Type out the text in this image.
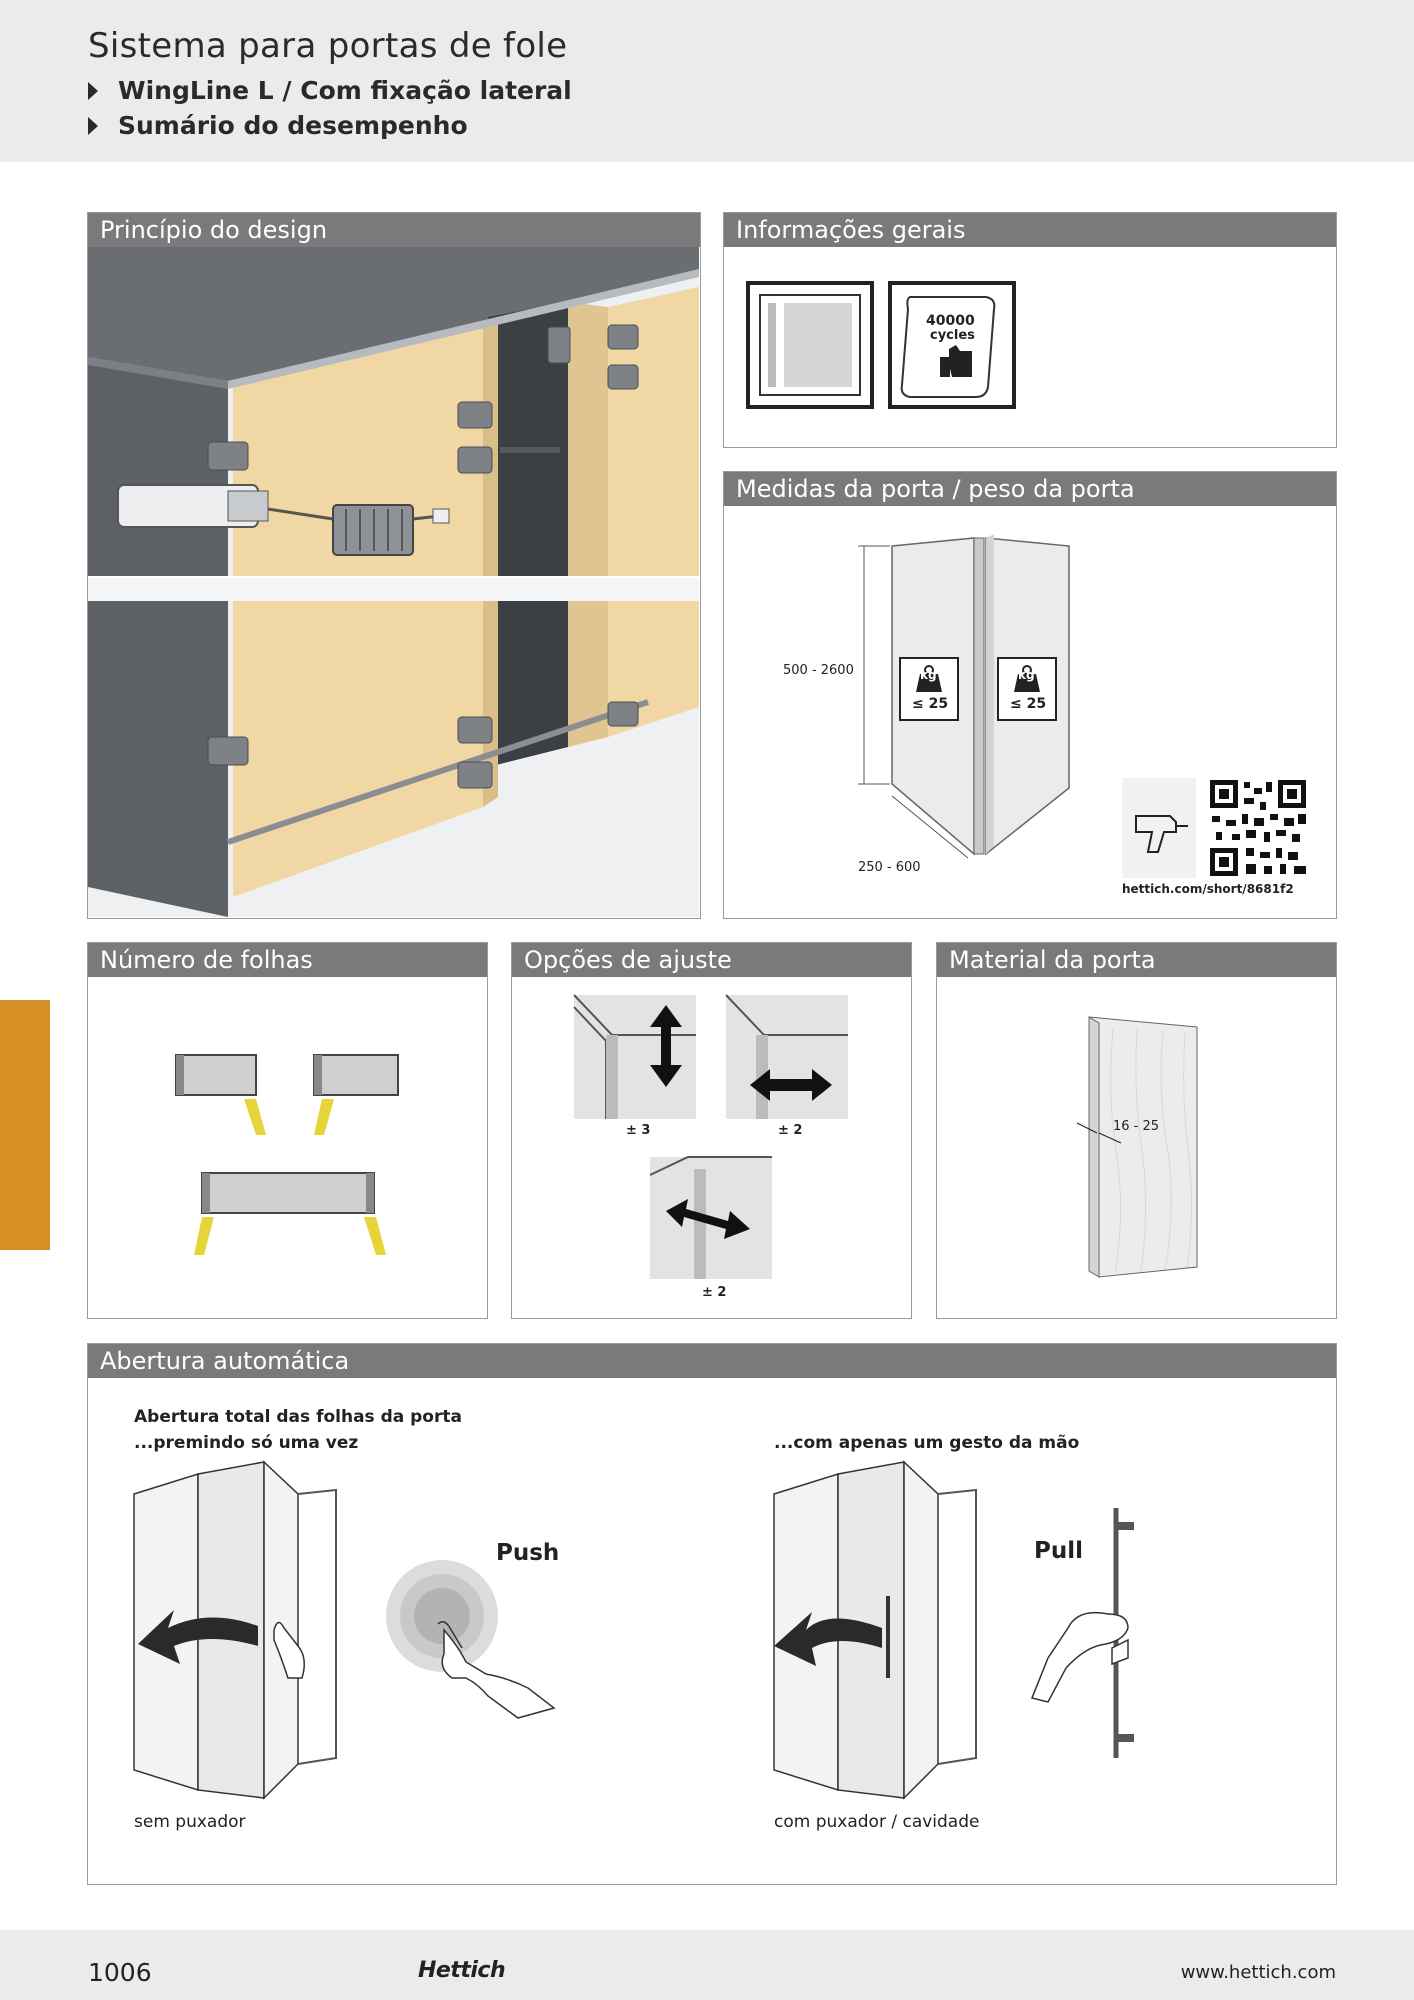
Sistema para portas de fole
WingLine L / Com fixação lateral
Sumário do desempenho
Princípio do design	Informações gerais
40000
cycles
Medidas da porta / peso da porta
500 - 2600
250 - 600
kg	kg
≤ 25	≤ 25
hettich.com/short/8681f2
Número de folhas	Opções de ajuste
± 3	± 2
± 2
Material da porta
16 - 25
Abertura automática
Abertura total das folhas da porta
...premindo só uma vez	...com apenas um gesto da mão
Push	Pull
sem puxador	com puxador / cavidade
1006	Hettich	www.hettich.com
